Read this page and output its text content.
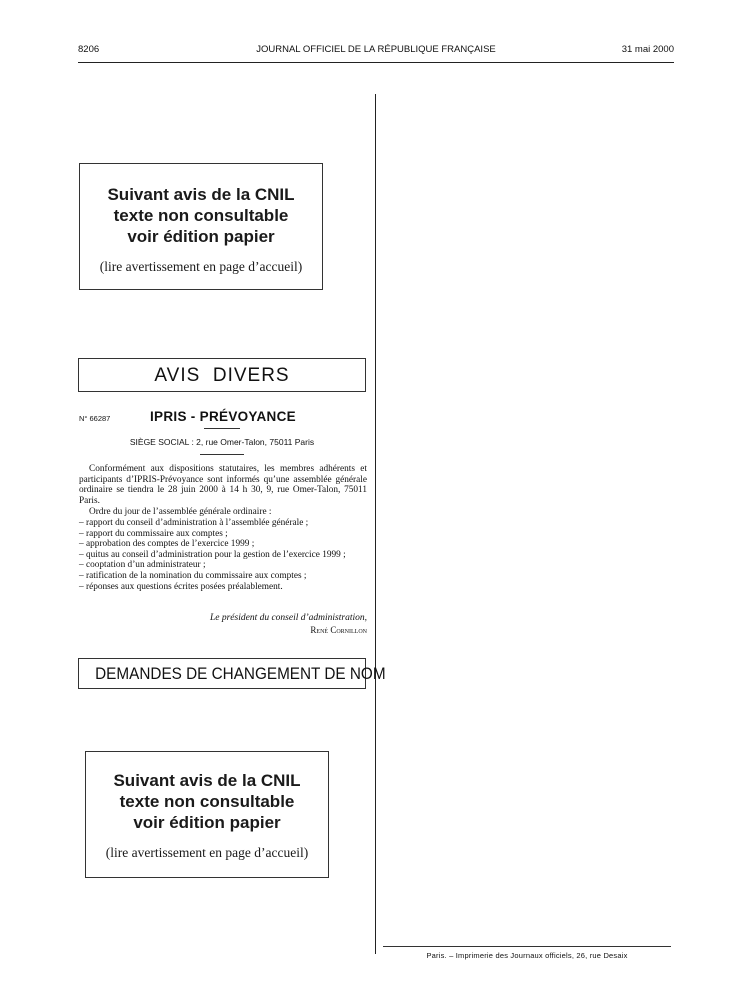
8206	JOURNAL OFFICIEL DE LA RÉPUBLIQUE FRANÇAISE	31 mai 2000
Suivant avis de la CNIL
texte non consultable
voir édition papier
(lire avertissement en page d’accueil)
AVIS  DIVERS
N° 66287	IPRIS - PRÉVOYANCE
SIÈGE SOCIAL : 2, rue Omer-Talon, 75011 Paris

Conformément aux dispositions statutaires, les membres adhérents et participants d’IPRIS-Prévoyance sont informés qu’une assemblée générale ordinaire se tiendra le 28 juin 2000 à 14 h 30, 9, rue Omer-Talon, 75011 Paris.

Ordre du jour de l’assemblée générale ordinaire :

– rapport du conseil d’administration à l’assemblée générale ;
– rapport du commissaire aux comptes ;
– approbation des comptes de l’exercice 1999 ;
– quitus au conseil d’administration pour la gestion de l’exercice 1999 ;
– cooptation d’un administrateur ;
– ratification de la nomination du commissaire aux comptes ;
– réponses aux questions écrites posées préalablement.
Le président du conseil d’administration,
René Cornillon
DEMANDES DE CHANGEMENT DE NOM
Suivant avis de la CNIL
texte non consultable
voir édition papier
(lire avertissement en page d’accueil)
Paris. – Imprimerie des Journaux officiels, 26, rue Desaix
